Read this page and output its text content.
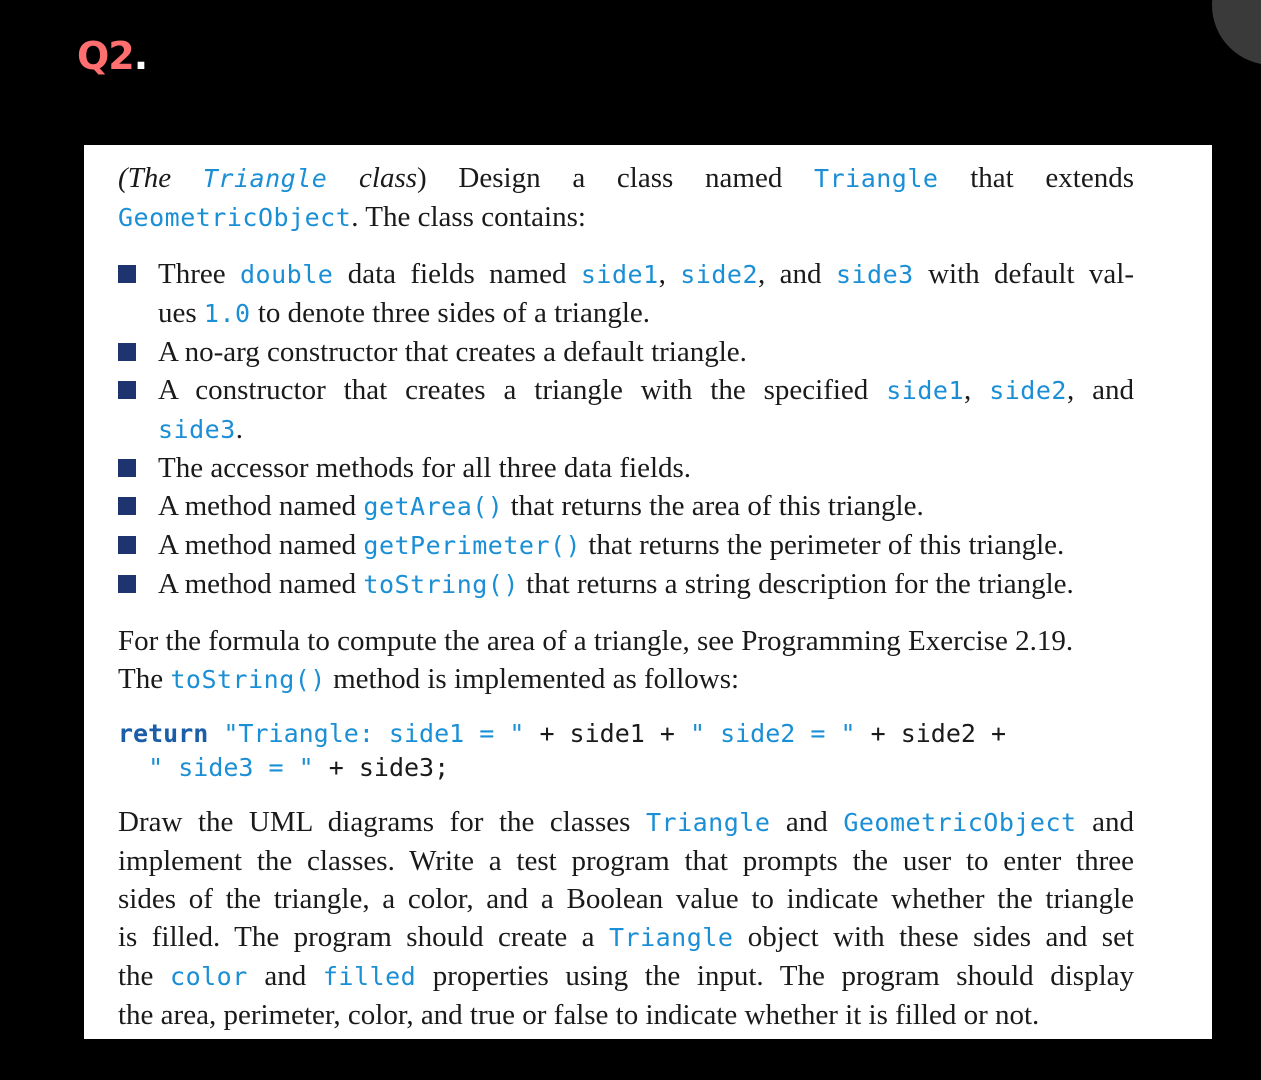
Q2.
(The Triangle class) Design a class named Triangle that extends
GeometricObject. The class contains:
Three double data fields named side1, side2, and side3 with default val-
ues 1.0 to denote three sides of a triangle.
A no-arg constructor that creates a default triangle.
A constructor that creates a triangle with the specified side1, side2, and
side3.
The accessor methods for all three data fields.
A method named getArea() that returns the area of this triangle.
A method named getPerimeter() that returns the perimeter of this triangle.
A method named toString() that returns a string description for the triangle.
For the formula to compute the area of a triangle, see Programming Exercise 2.19.
The toString() method is implemented as follows:
return "Triangle: side1 = " + side1 + " side2 = " + side2 +
" side3 = " + side3;
Draw the UML diagrams for the classes Triangle and GeometricObject and
implement the classes. Write a test program that prompts the user to enter three
sides of the triangle, a color, and a Boolean value to indicate whether the triangle
is filled. The program should create a Triangle object with these sides and set
the color and filled properties using the input. The program should display
the area, perimeter, color, and true or false to indicate whether it is filled or not.
